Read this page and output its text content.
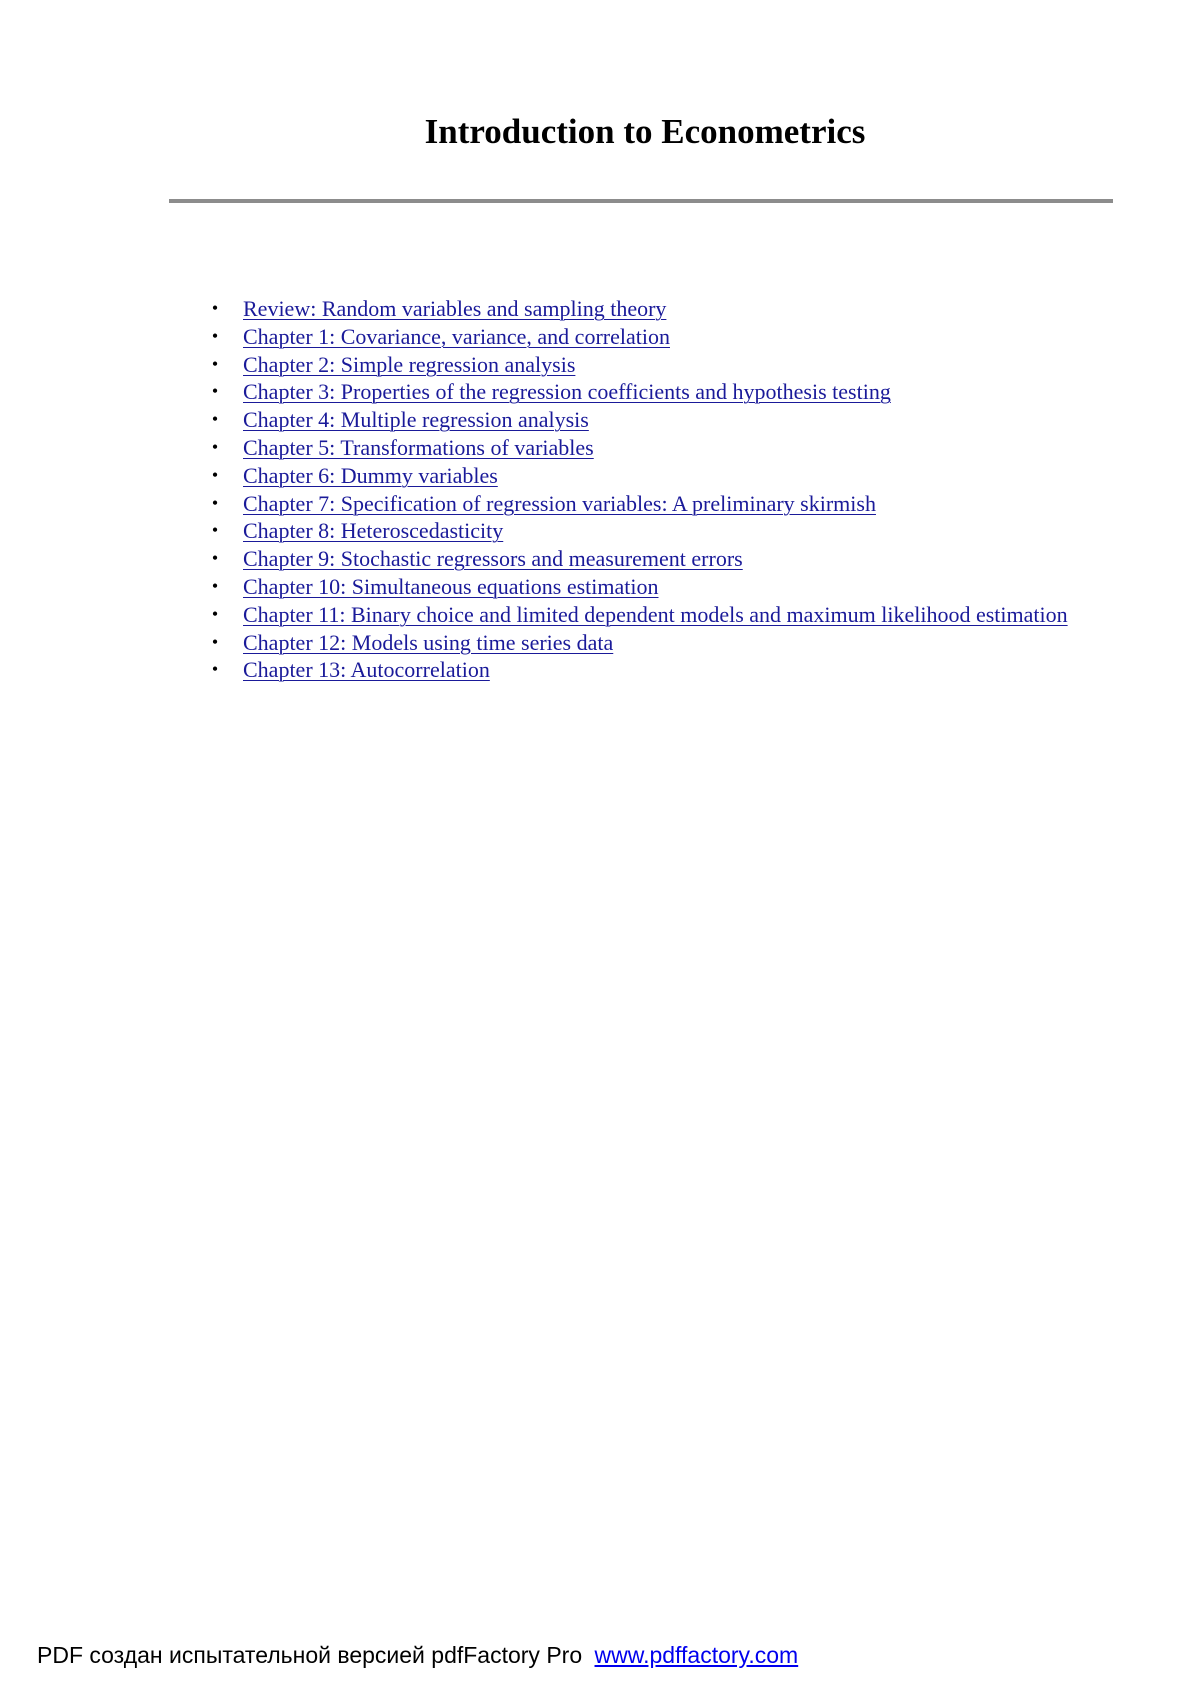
Introduction to Econometrics
•	Review: Random variables and sampling theory
•	Chapter 1: Covariance, variance, and correlation
•	Chapter 2: Simple regression analysis
•	Chapter 3: Properties of the regression coefficients and hypothesis testing
•	Chapter 4: Multiple regression analysis
•	Chapter 5: Transformations of variables
•	Chapter 6: Dummy variables
•	Chapter 7: Specification of regression variables: A preliminary skirmish
•	Chapter 8: Heteroscedasticity
•	Chapter 9: Stochastic regressors and measurement errors
•	Chapter 10: Simultaneous equations estimation
•	Chapter 11: Binary choice and limited dependent models and maximum likelihood estimation
•	Chapter 12: Models using time series data
•	Chapter 13: Autocorrelation
PDF создан испытательной версией pdfFactory Pro www.pdffactory.com
